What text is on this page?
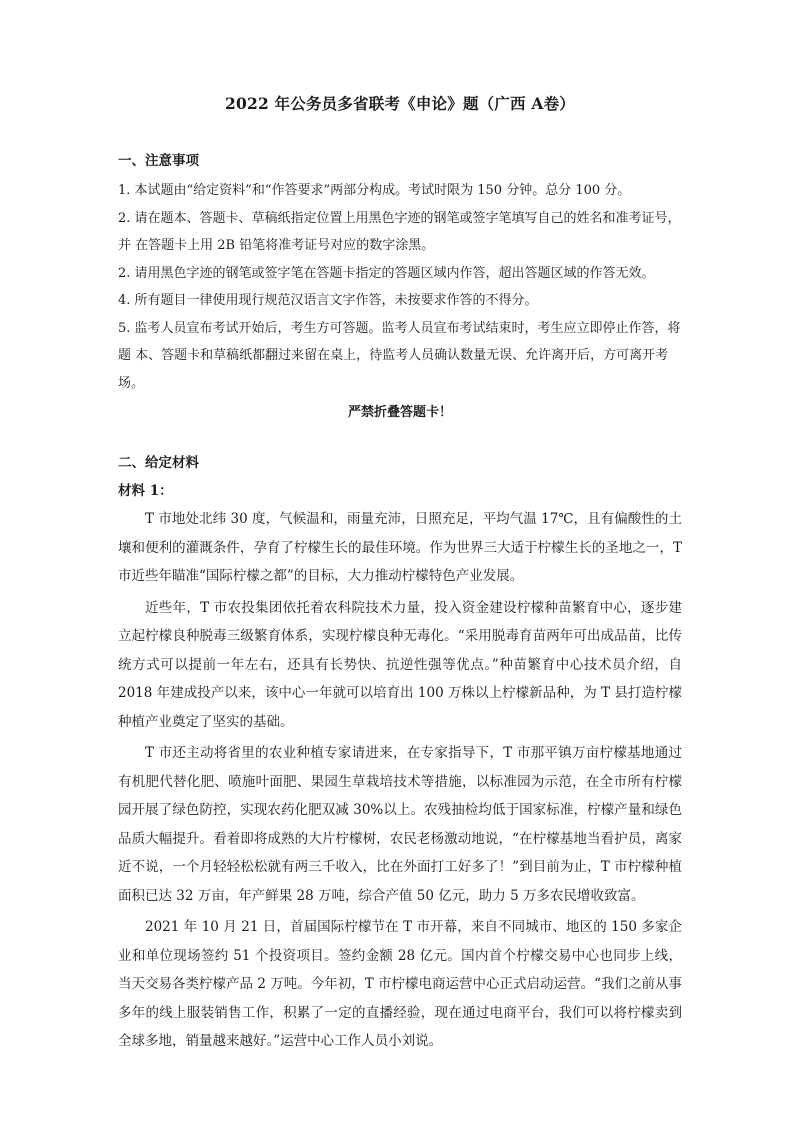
2022 年公务员多省联考《申论》题（广西 A卷）
一、注意事项

1. 本试题由“给定资料”和“作答要求”两部分构成。考试时限为 150 分钟。总分 100 分。

2. 请在题本、答题卡、草稿纸指定位置上用黑色字迹的钢笔或签字笔填写自己的姓名和准考证号，并 在答题卡上用 2B 铅笔将准考证号对应的数字涂黑。

2. 请用黑色字迹的钢笔或签字笔在答题卡指定的答题区域内作答，超出答题区域的作答无效。

4. 所有题目一律使用现行规范汉语言文字作答，未按要求作答的不得分。

5. 监考人员宣布考试开始后，考生方可答题。监考人员宣布考试结束时，考生应立即停止作答，将题 本、答题卡和草稿纸都翻过来留在桌上，待监考人员确认数量无误、允许离开后，方可离开考场。

严禁折叠答题卡！

二、给定材料
材料 1：

T 市地处北纬 30 度，气候温和，雨量充沛，日照充足，平均气温 17℃，且有偏酸性的土壤和便利的灌溉条件，孕育了柠檬生长的最佳环境。作为世界三大适于柠檬生长的圣地之一，T 市近些年瞄准“国际柠檬之都”的目标，大力推动柠檬特色产业发展。

近些年，T 市农投集团依托着农科院技术力量，投入资金建设柠檬种苗繁育中心，逐步建立起柠檬良种脱毒三级繁育体系，实现柠檬良种无毒化。“采用脱毒育苗两年可出成品苗，比传统方式可以提前一年左右，还具有长势快、抗逆性强等优点。”种苗繁育中心技术员介绍，自 2018 年建成投产以来，该中心一年就可以培育出 100 万株以上柠檬新品种，为 T 县打造柠檬种植产业奠定了坚实的基础。

T 市还主动将省里的农业种植专家请进来，在专家指导下，T 市那平镇万亩柠檬基地通过有机肥代替化肥、喷施叶面肥、果园生草栽培技术等措施，以标准园为示范，在全市所有柠檬园开展了绿色防控，实现农药化肥双减 30%以上。农残抽检均低于国家标准，柠檬产量和绿色品质大幅提升。看着即将成熟的大片柠檬树，农民老杨激动地说，“在柠檬基地当看护员，离家近不说，一个月轻轻松松就有两三千收入，比在外面打工好多了！”到目前为止，T 市柠檬种植面积已达 32 万亩，年产鲜果 28 万吨，综合产值 50 亿元，助力 5 万多农民增收致富。

2021 年 10 月 21 日，首届国际柠檬节在 T 市开幕，来自不同城市、地区的 150 多家企业和单位现场签约 51 个投资项目。签约金额 28 亿元。国内首个柠檬交易中心也同步上线，当天交易各类柠檬产品 2 万吨。今年初，T 市柠檬电商运营中心正式启动运营。“我们之前从事多年的线上服装销售工作，积累了一定的直播经验，现在通过电商平台，我们可以将柠檬卖到全球多地，销量越来越好。”运营中心工作人员小刘说。
